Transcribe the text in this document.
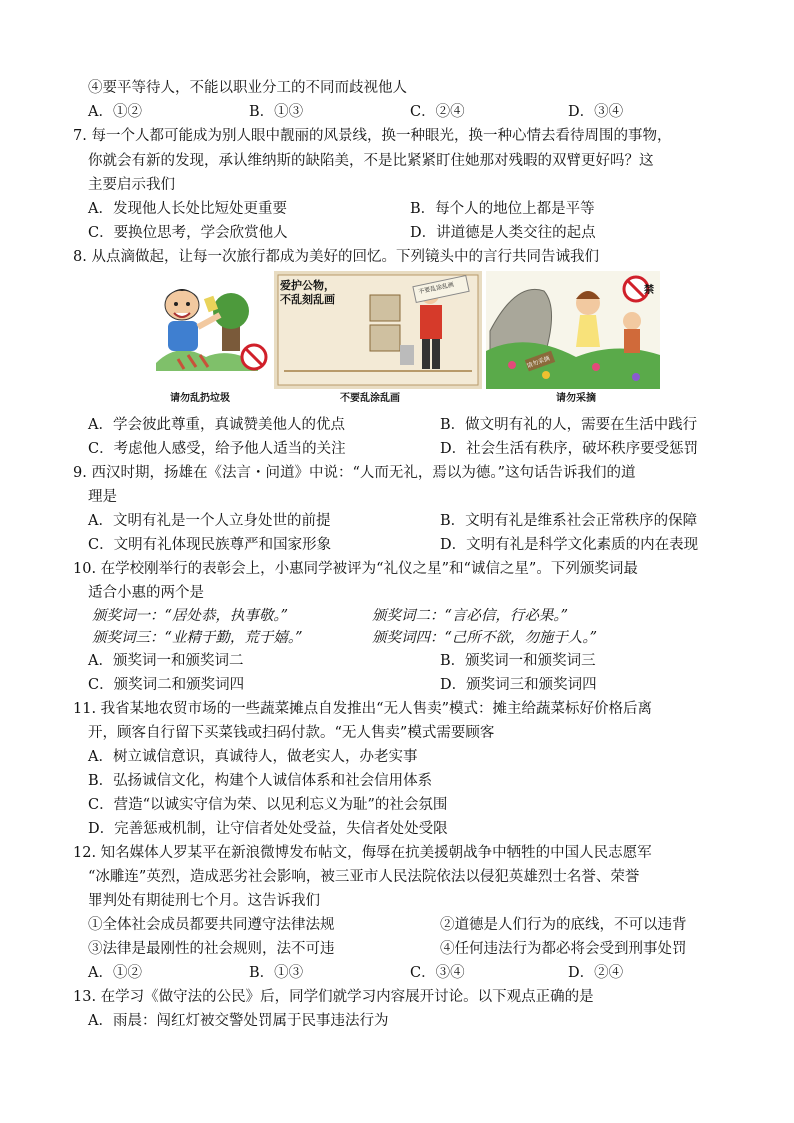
④要平等待人，不能以职业分工的不同而歧视他人
A．①②	B．①③	C．②④	D．③④
7. 每一个人都可能成为别人眼中靓丽的风景线，换一种眼光，换一种心情去看待周围的事物，
你就会有新的发现，承认维纳斯的缺陷美，不是比紧紧盯住她那对残暇的双臂更好吗？这
主要启示我们
A．发现他人长处比短处更重要	B．每个人的地位上都是平等
C．要换位思考，学会欣赏他人	D．讲道德是人类交往的起点
8. 从点滴做起，让每一次旅行都成为美好的回忆。下列镜头中的言行共同告诫我们
请勿乱扔垃圾
爱护公物，
不乱刻乱画
不要乱涂乱画
不要乱涂乱画
禁
请勿采摘
请勿采摘
A．学会彼此尊重，真诚赞美他人的优点	B．做文明有礼的人，需要在生活中践行
C．考虑他人感受，给予他人适当的关注	D．社会生活有秩序，破坏秩序要受惩罚
9. 西汉时期，扬雄在《法言・问道》中说：“人而无礼，焉以为德。”这句话告诉我们的道
理是
A．文明有礼是一个人立身处世的前提	B．文明有礼是维系社会正常秩序的保障
C．文明有礼体现民族尊严和国家形象	D．文明有礼是科学文化素质的内在表现
10. 在学校刚举行的表彰会上，小惠同学被评为“礼仪之星”和“诚信之星”。下列颁奖词最
适合小惠的两个是
颁奖词一：“居处恭，执事敬。”	颁奖词二：“言必信，行必果。”
颁奖词三：“业精于勤，荒于嬉。”	颁奖词四：“己所不欲，勿施于人。”
A．颁奖词一和颁奖词二	B．颁奖词一和颁奖词三
C．颁奖词二和颁奖词四	D．颁奖词三和颁奖词四
11. 我省某地农贸市场的一些蔬菜摊点自发推出“无人售卖”模式：摊主给蔬菜标好价格后离
开，顾客自行留下买菜钱或扫码付款。“无人售卖”模式需要顾客
A．树立诚信意识，真诚待人，做老实人，办老实事
B．弘扬诚信文化，构建个人诚信体系和社会信用体系
C．营造“以诚实守信为荣、以见利忘义为耻”的社会氛围
D．完善惩戒机制，让守信者处处受益，失信者处处受限
12. 知名媒体人罗某平在新浪微博发布帖文，侮辱在抗美援朝战争中牺牲的中国人民志愿军
“冰雕连”英烈，造成恶劣社会影响，被三亚市人民法院依法以侵犯英雄烈士名誉、荣誉
罪判处有期徒刑七个月。这告诉我们
①全体社会成员都要共同遵守法律法规	②道德是人们行为的底线，不可以违背
③法律是最刚性的社会规则，法不可违	④任何违法行为都必将会受到刑事处罚
A．①②	B．①③	C．③④	D．②④
13. 在学习《做守法的公民》后，同学们就学习内容展开讨论。以下观点正确的是
A．雨晨：闯红灯被交警处罚属于民事违法行为
